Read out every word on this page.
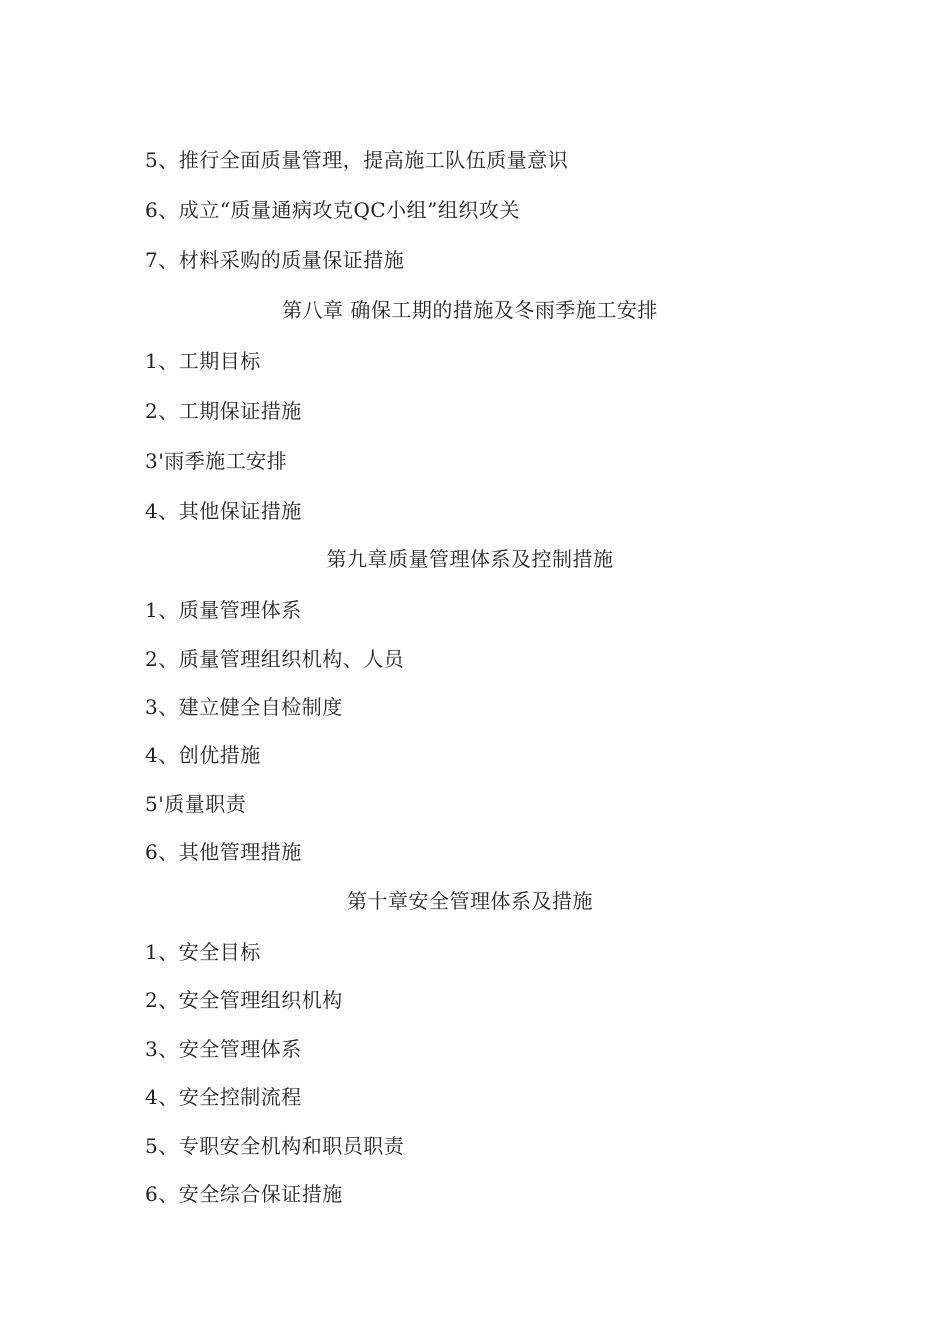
5、推行全面质量管理，提高施工队伍质量意识
6、成立“质量通病攻克QC小组”组织攻关
7、材料采购的质量保证措施
第八章 确保工期的措施及冬雨季施工安排
1、工期目标
2、工期保证措施
3'雨季施工安排
4、其他保证措施
第九章质量管理体系及控制措施
1、质量管理体系
2、质量管理组织机构、人员
3、建立健全自检制度
4、创优措施
5'质量职责
6、其他管理措施
第十章安全管理体系及措施
1、安全目标
2、安全管理组织机构
3、安全管理体系
4、安全控制流程
5、专职安全机构和职员职责
6、安全综合保证措施
